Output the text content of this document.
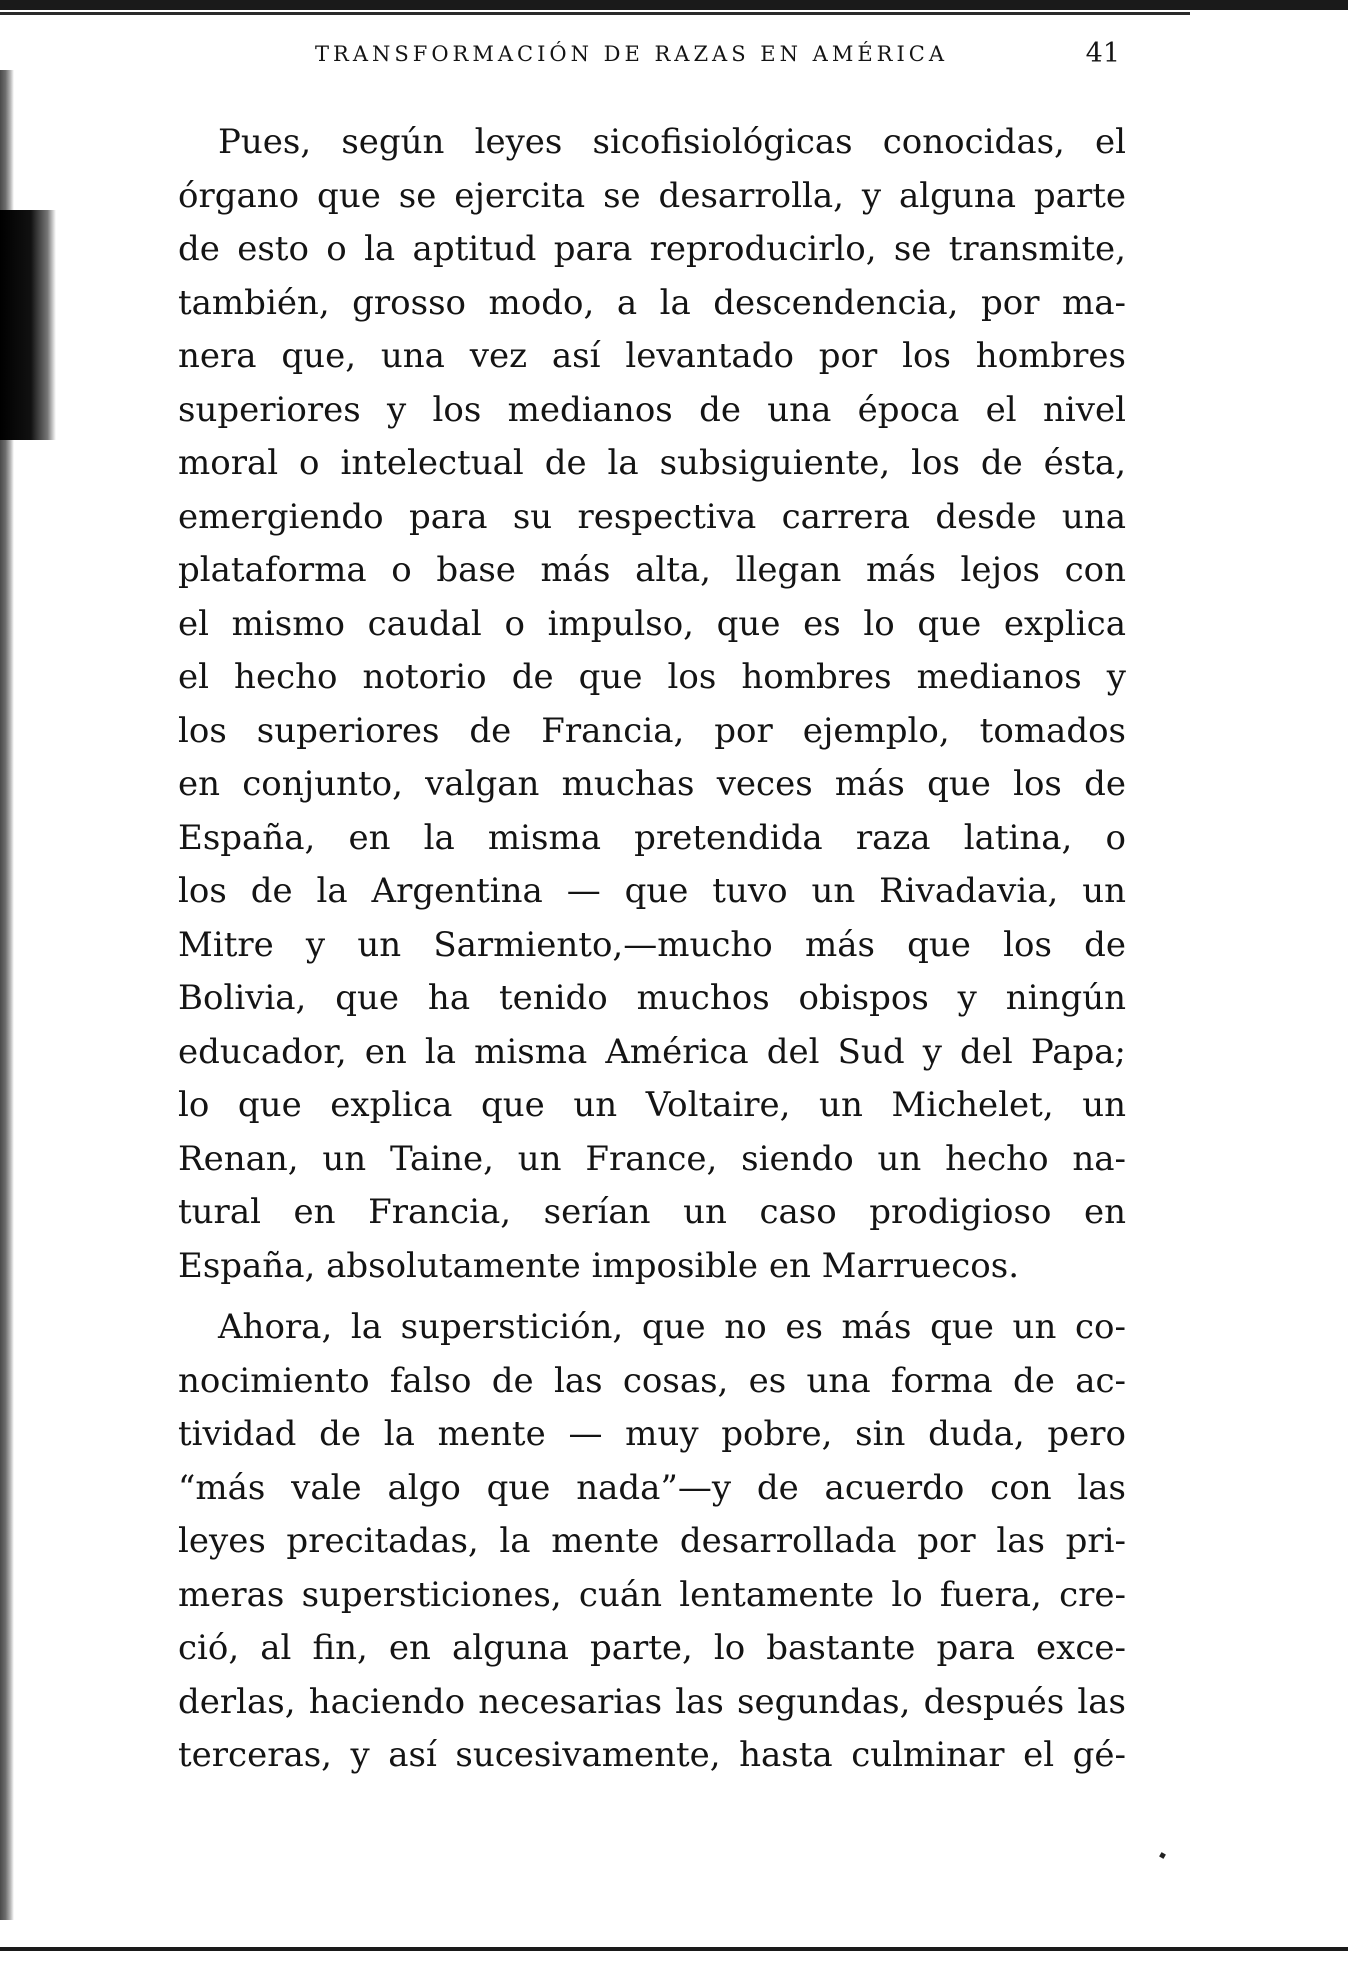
TRANSFORMACIÓN DE RAZAS EN AMÉRICA	41
Pues, según leyes sicofisiológicas conocidas, el
órgano que se ejercita se desarrolla, y alguna parte
de esto o la aptitud para reproducirlo, se transmite,
también, grosso modo, a la descendencia, por ma-
nera que, una vez así levantado por los hombres
superiores y los medianos de una época el nivel
moral o intelectual de la subsiguiente, los de ésta,
emergiendo para su respectiva carrera desde una
plataforma o base más alta, llegan más lejos con
el mismo caudal o impulso, que es lo que explica
el hecho notorio de que los hombres medianos y
los superiores de Francia, por ejemplo, tomados
en conjunto, valgan muchas veces más que los de
España, en la misma pretendida raza latina, o
los de la Argentina — que tuvo un Rivadavia, un
Mitre y un Sarmiento,—mucho más que los de
Bolivia, que ha tenido muchos obispos y ningún
educador, en la misma América del Sud y del Papa;
lo que explica que un Voltaire, un Michelet, un
Renan, un Taine, un France, siendo un hecho na-
tural en Francia, serían un caso prodigioso en
España, absolutamente imposible en Marruecos.
Ahora, la superstición, que no es más que un co-
nocimiento falso de las cosas, es una forma de ac-
tividad de la mente — muy pobre, sin duda, pero
“más vale algo que nada”—y de acuerdo con las
leyes precitadas, la mente desarrollada por las pri-
meras supersticiones, cuán lentamente lo fuera, cre-
ció, al fin, en alguna parte, lo bastante para exce-
derlas, haciendo necesarias las segundas, después las
terceras, y así sucesivamente, hasta culminar el gé-
